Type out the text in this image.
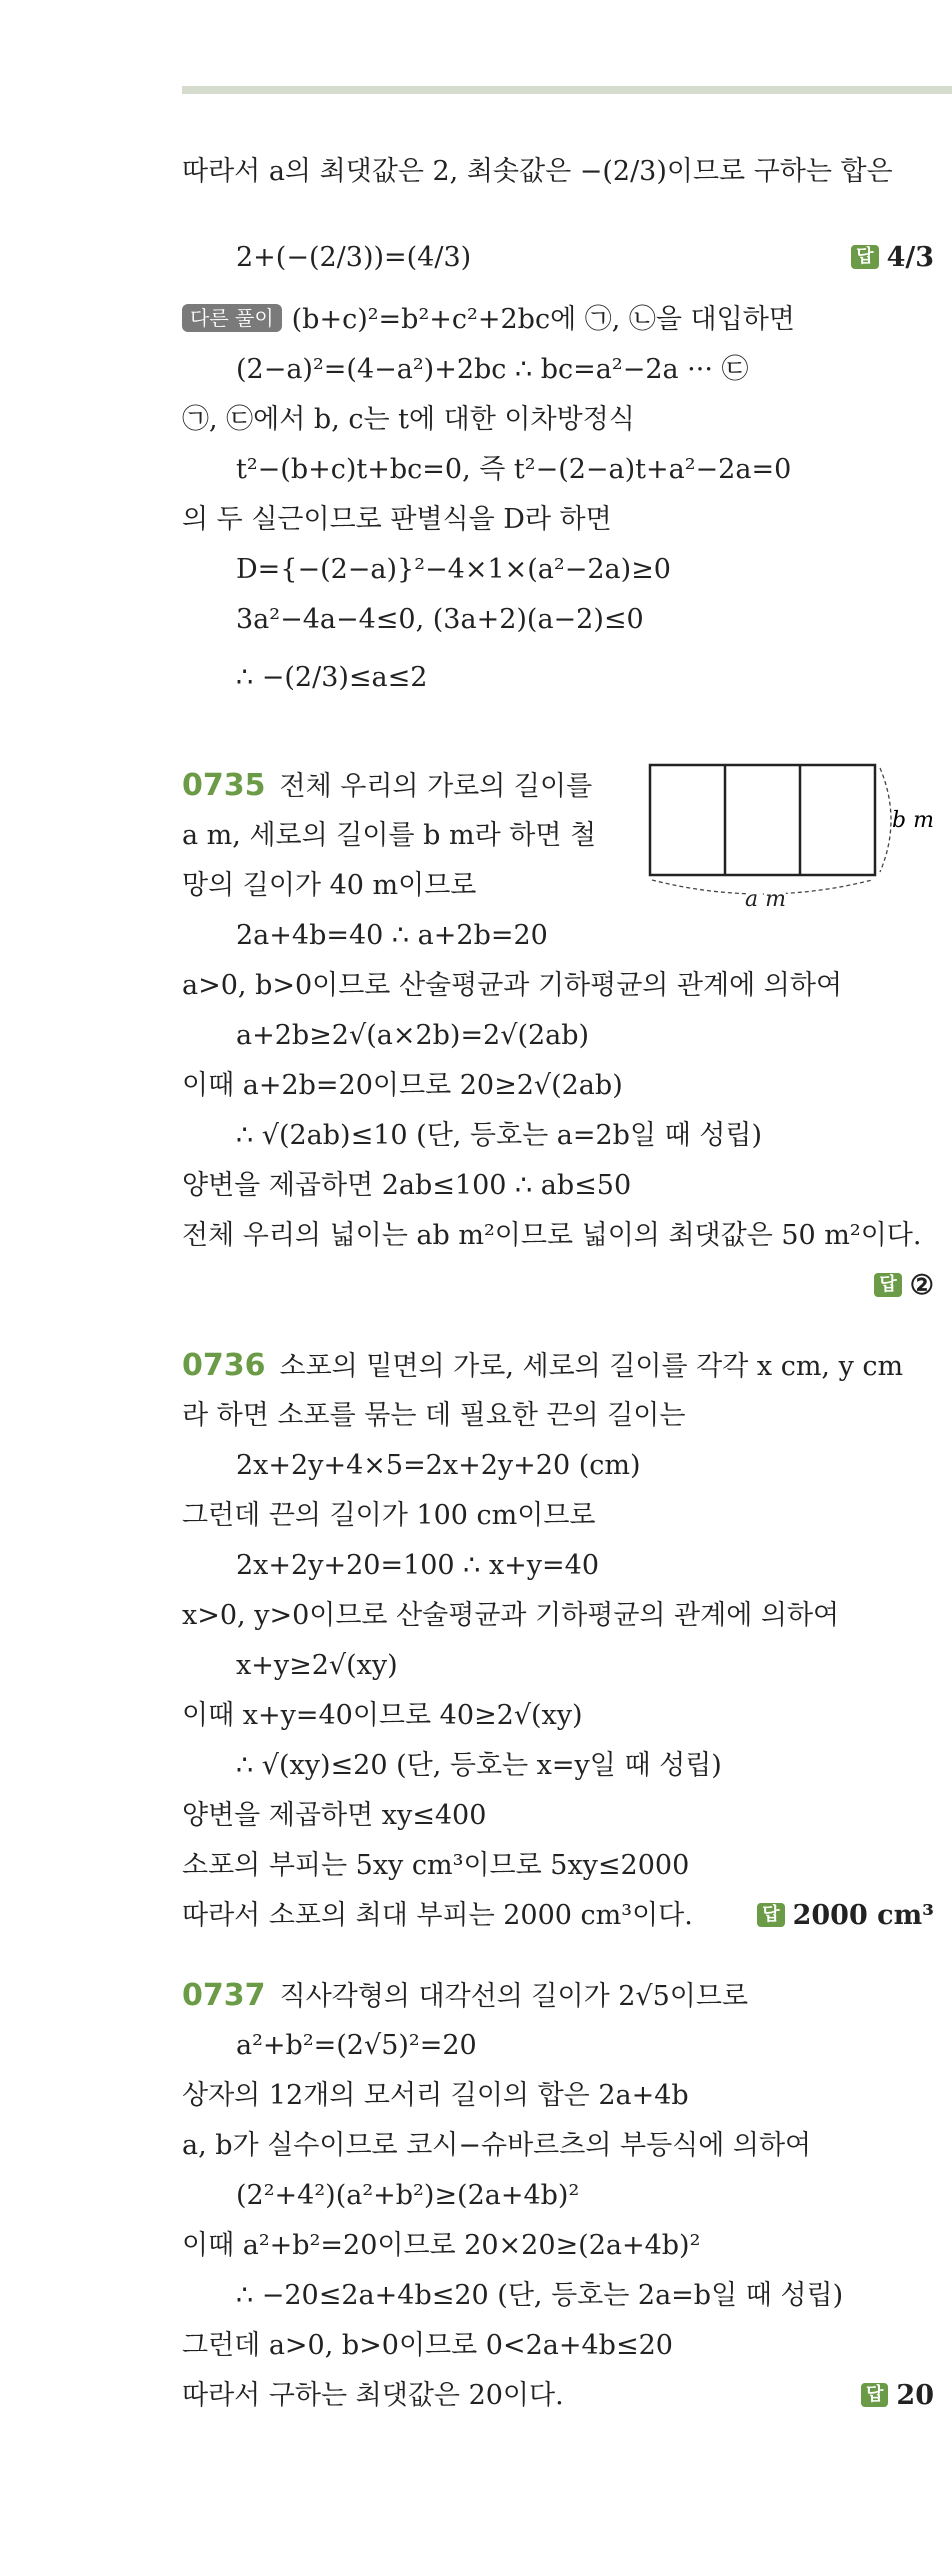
따라서 a의 최댓값은 2, 최솟값은 −(2/3)이므로 구하는 합은
2+(−(2/3))=(4/3)	답 4/3
다른 풀이 (b+c)²=b²+c²+2bc에 ㉠, ㉡을 대입하면
(2−a)²=(4−a²)+2bc ∴ bc=a²−2a ··· ㉢
㉠, ㉢에서 b, c는 t에 대한 이차방정식
t²−(b+c)t+bc=0, 즉 t²−(2−a)t+a²−2a=0
의 두 실근이므로 판별식을 D라 하면
D={−(2−a)}²−4×1×(a²−2a)≥0
3a²−4a−4≤0, (3a+2)(a−2)≤0
∴ −(2/3)≤a≤2
0735 전체 우리의 가로의 길이를
a m, 세로의 길이를 b m라 하면 철
망의 길이가 40 m이므로
b m
a m
2a+4b=40 ∴ a+2b=20
a>0, b>0이므로 산술평균과 기하평균의 관계에 의하여
a+2b≥2√(a×2b)=2√(2ab)
이때 a+2b=20이므로 20≥2√(2ab)
∴ √(2ab)≤10 (단, 등호는 a=2b일 때 성립)
양변을 제곱하면 2ab≤100 ∴ ab≤50
전체 우리의 넓이는 ab m²이므로 넓이의 최댓값은 50 m²이다.
답 ②
0736 소포의 밑면의 가로, 세로의 길이를 각각 x cm, y cm
라 하면 소포를 묶는 데 필요한 끈의 길이는
2x+2y+4×5=2x+2y+20 (cm)
그런데 끈의 길이가 100 cm이므로
2x+2y+20=100 ∴ x+y=40
x>0, y>0이므로 산술평균과 기하평균의 관계에 의하여
x+y≥2√(xy)
이때 x+y=40이므로 40≥2√(xy)
∴ √(xy)≤20 (단, 등호는 x=y일 때 성립)
양변을 제곱하면 xy≤400
소포의 부피는 5xy cm³이므로 5xy≤2000
따라서 소포의 최대 부피는 2000 cm³이다.	답 2000 cm³
0737 직사각형의 대각선의 길이가 2√5이므로
a²+b²=(2√5)²=20
상자의 12개의 모서리 길이의 합은 2a+4b
a, b가 실수이므로 코시−슈바르츠의 부등식에 의하여
(2²+4²)(a²+b²)≥(2a+4b)²
이때 a²+b²=20이므로 20×20≥(2a+4b)²
∴ −20≤2a+4b≤20 (단, 등호는 2a=b일 때 성립)
그런데 a>0, b>0이므로 0<2a+4b≤20
따라서 구하는 최댓값은 20이다.	답 20
